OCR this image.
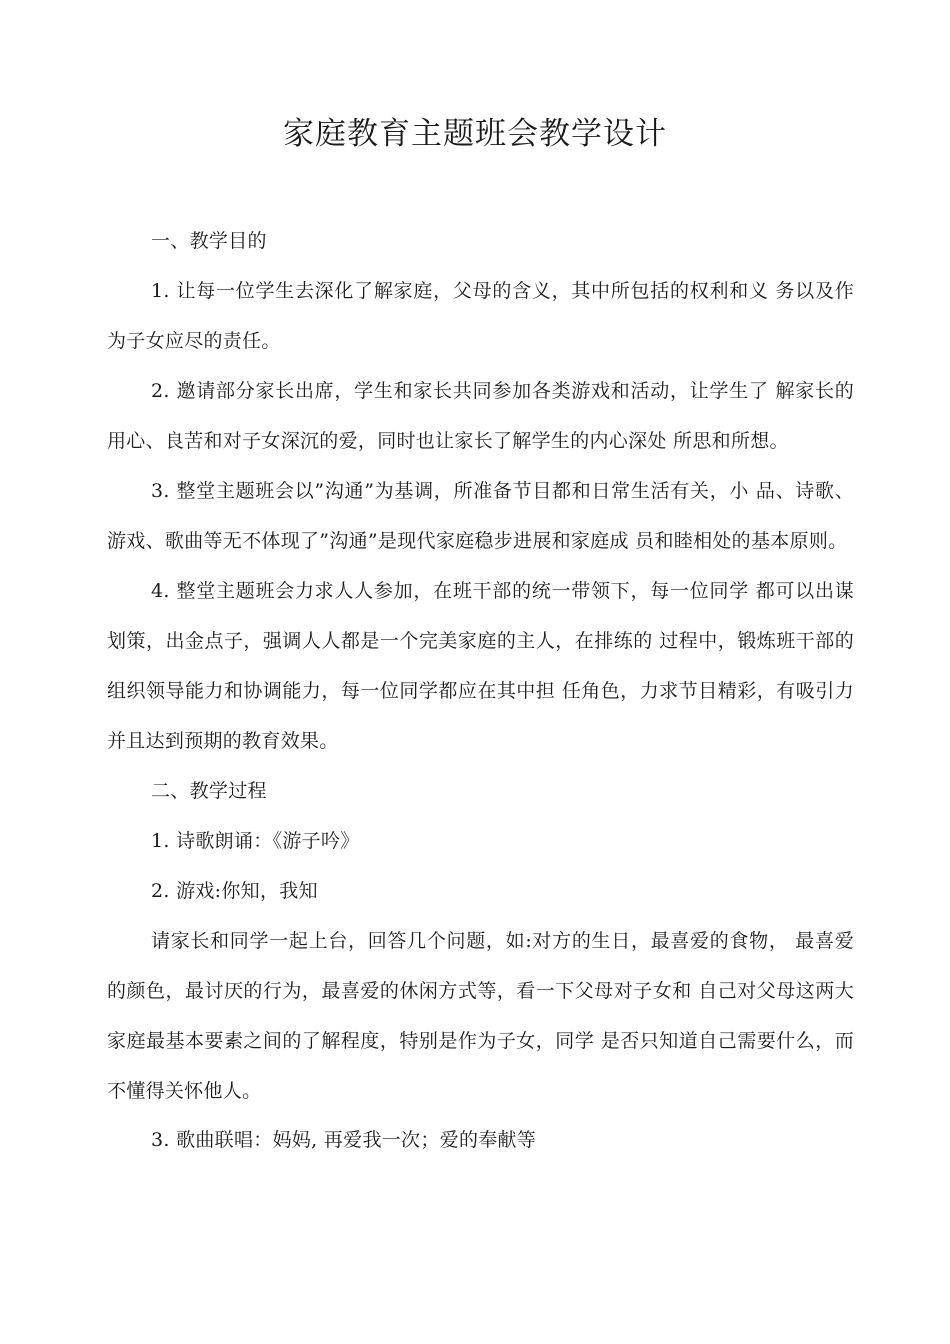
家庭教育主题班会教学设计

一、教学目的

1. 让每一位学生去深化了解家庭，父母的含义，其中所包括的权利和义 务以及作为子女应尽的责任。

2. 邀请部分家长出席，学生和家长共同参加各类游戏和活动，让学生了 解家长的用心、良苦和对子女深沉的爱，同时也让家长了解学生的内心深处 所思和所想。

3. 整堂主题班会以”沟通”为基调，所准备节目都和日常生活有关，小 品、诗歌、游戏、歌曲等无不体现了”沟通”是现代家庭稳步进展和家庭成 员和睦相处的基本原则。

4. 整堂主题班会力求人人参加，在班干部的统一带领下，每一位同学 都可以出谋划策，出金点子，强调人人都是一个完美家庭的主人，在排练的 过程中，锻炼班干部的组织领导能力和协调能力，每一位同学都应在其中担 任角色，力求节目精彩，有吸引力并且达到预期的教育效果。

二、教学过程

1. 诗歌朗诵：《游子吟》

2. 游戏:你知，我知

请家长和同学一起上台，回答几个问题，如:对方的生日，最喜爱的食物， 最喜爱的颜色，最讨厌的行为，最喜爱的休闲方式等，看一下父母对子女和 自己对父母这两大家庭最基本要素之间的了解程度，特别是作为子女，同学 是否只知道自己需要什么，而不懂得关怀他人。

3. 歌曲联唱：妈妈, 再爱我一次；爱的奉献等
